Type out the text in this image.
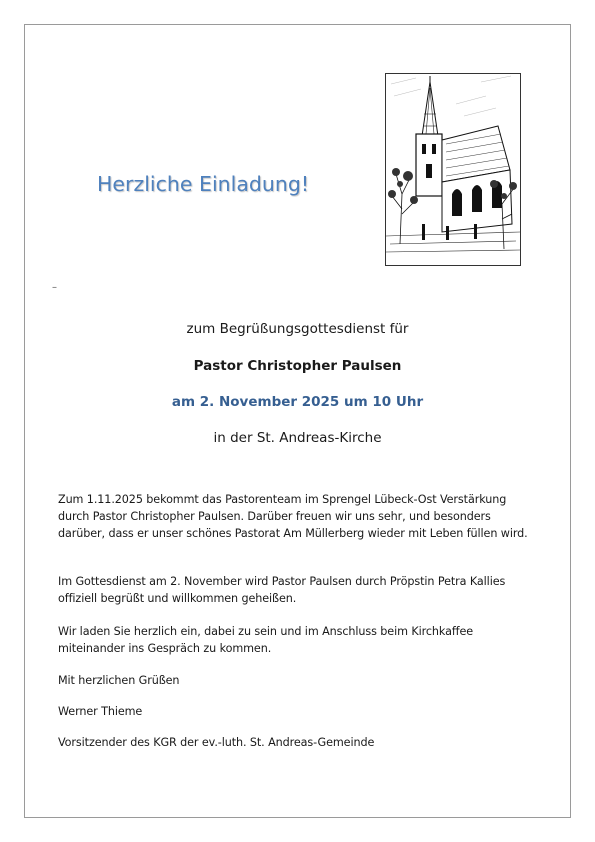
Herzliche Einladung!
–
zum Begrüßungsgottesdienst für
Pastor Christopher Paulsen
am 2. November 2025 um 10 Uhr
in der St. Andreas-Kirche
Zum 1.11.2025 bekommt das Pastorenteam im Sprengel Lübeck-Ost Verstärkung durch Pastor Christopher Paulsen. Darüber freuen wir uns sehr, und besonders darüber, dass er unser schönes Pastorat Am Müllerberg wieder mit Leben füllen wird.
Im Gottesdienst am 2. November wird Pastor Paulsen durch Pröpstin Petra Kallies offiziell begrüßt und willkommen geheißen.
Wir laden Sie herzlich ein, dabei zu sein und im Anschluss beim Kirchkaffee miteinander ins Gespräch zu kommen.
Mit herzlichen Grüßen
Werner Thieme
Vorsitzender des KGR der ev.-luth. St. Andreas-Gemeinde
